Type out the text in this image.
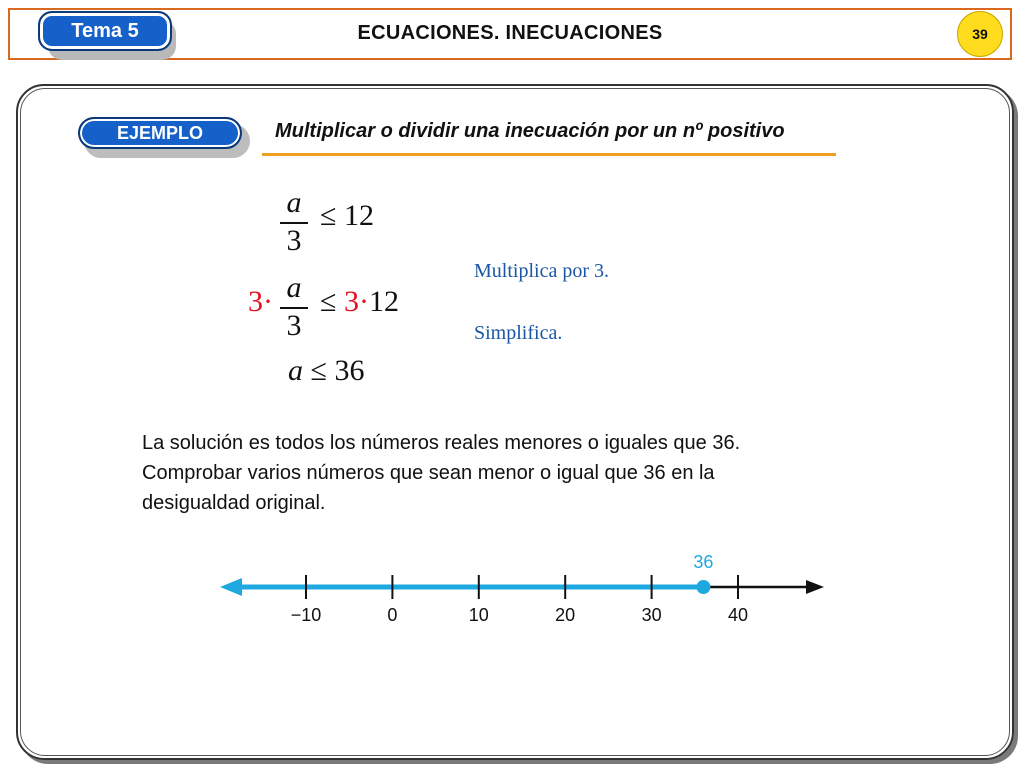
Tema 5	ECUACIONES. INECUACIONES	39
EJEMPLO	Multiplicar o dividir una inecuación por un nº positivo
a
3
≤ 12
3· a
3
≤ 3·12
a ≤ 36
Multiplica por 3.
Simplifica.
La solución es todos los números reales menores o iguales que 36.
Comprobar varios números que sean menor o igual que 36 en la
desigualdad original.
−10	0	10	20	30	40
36
